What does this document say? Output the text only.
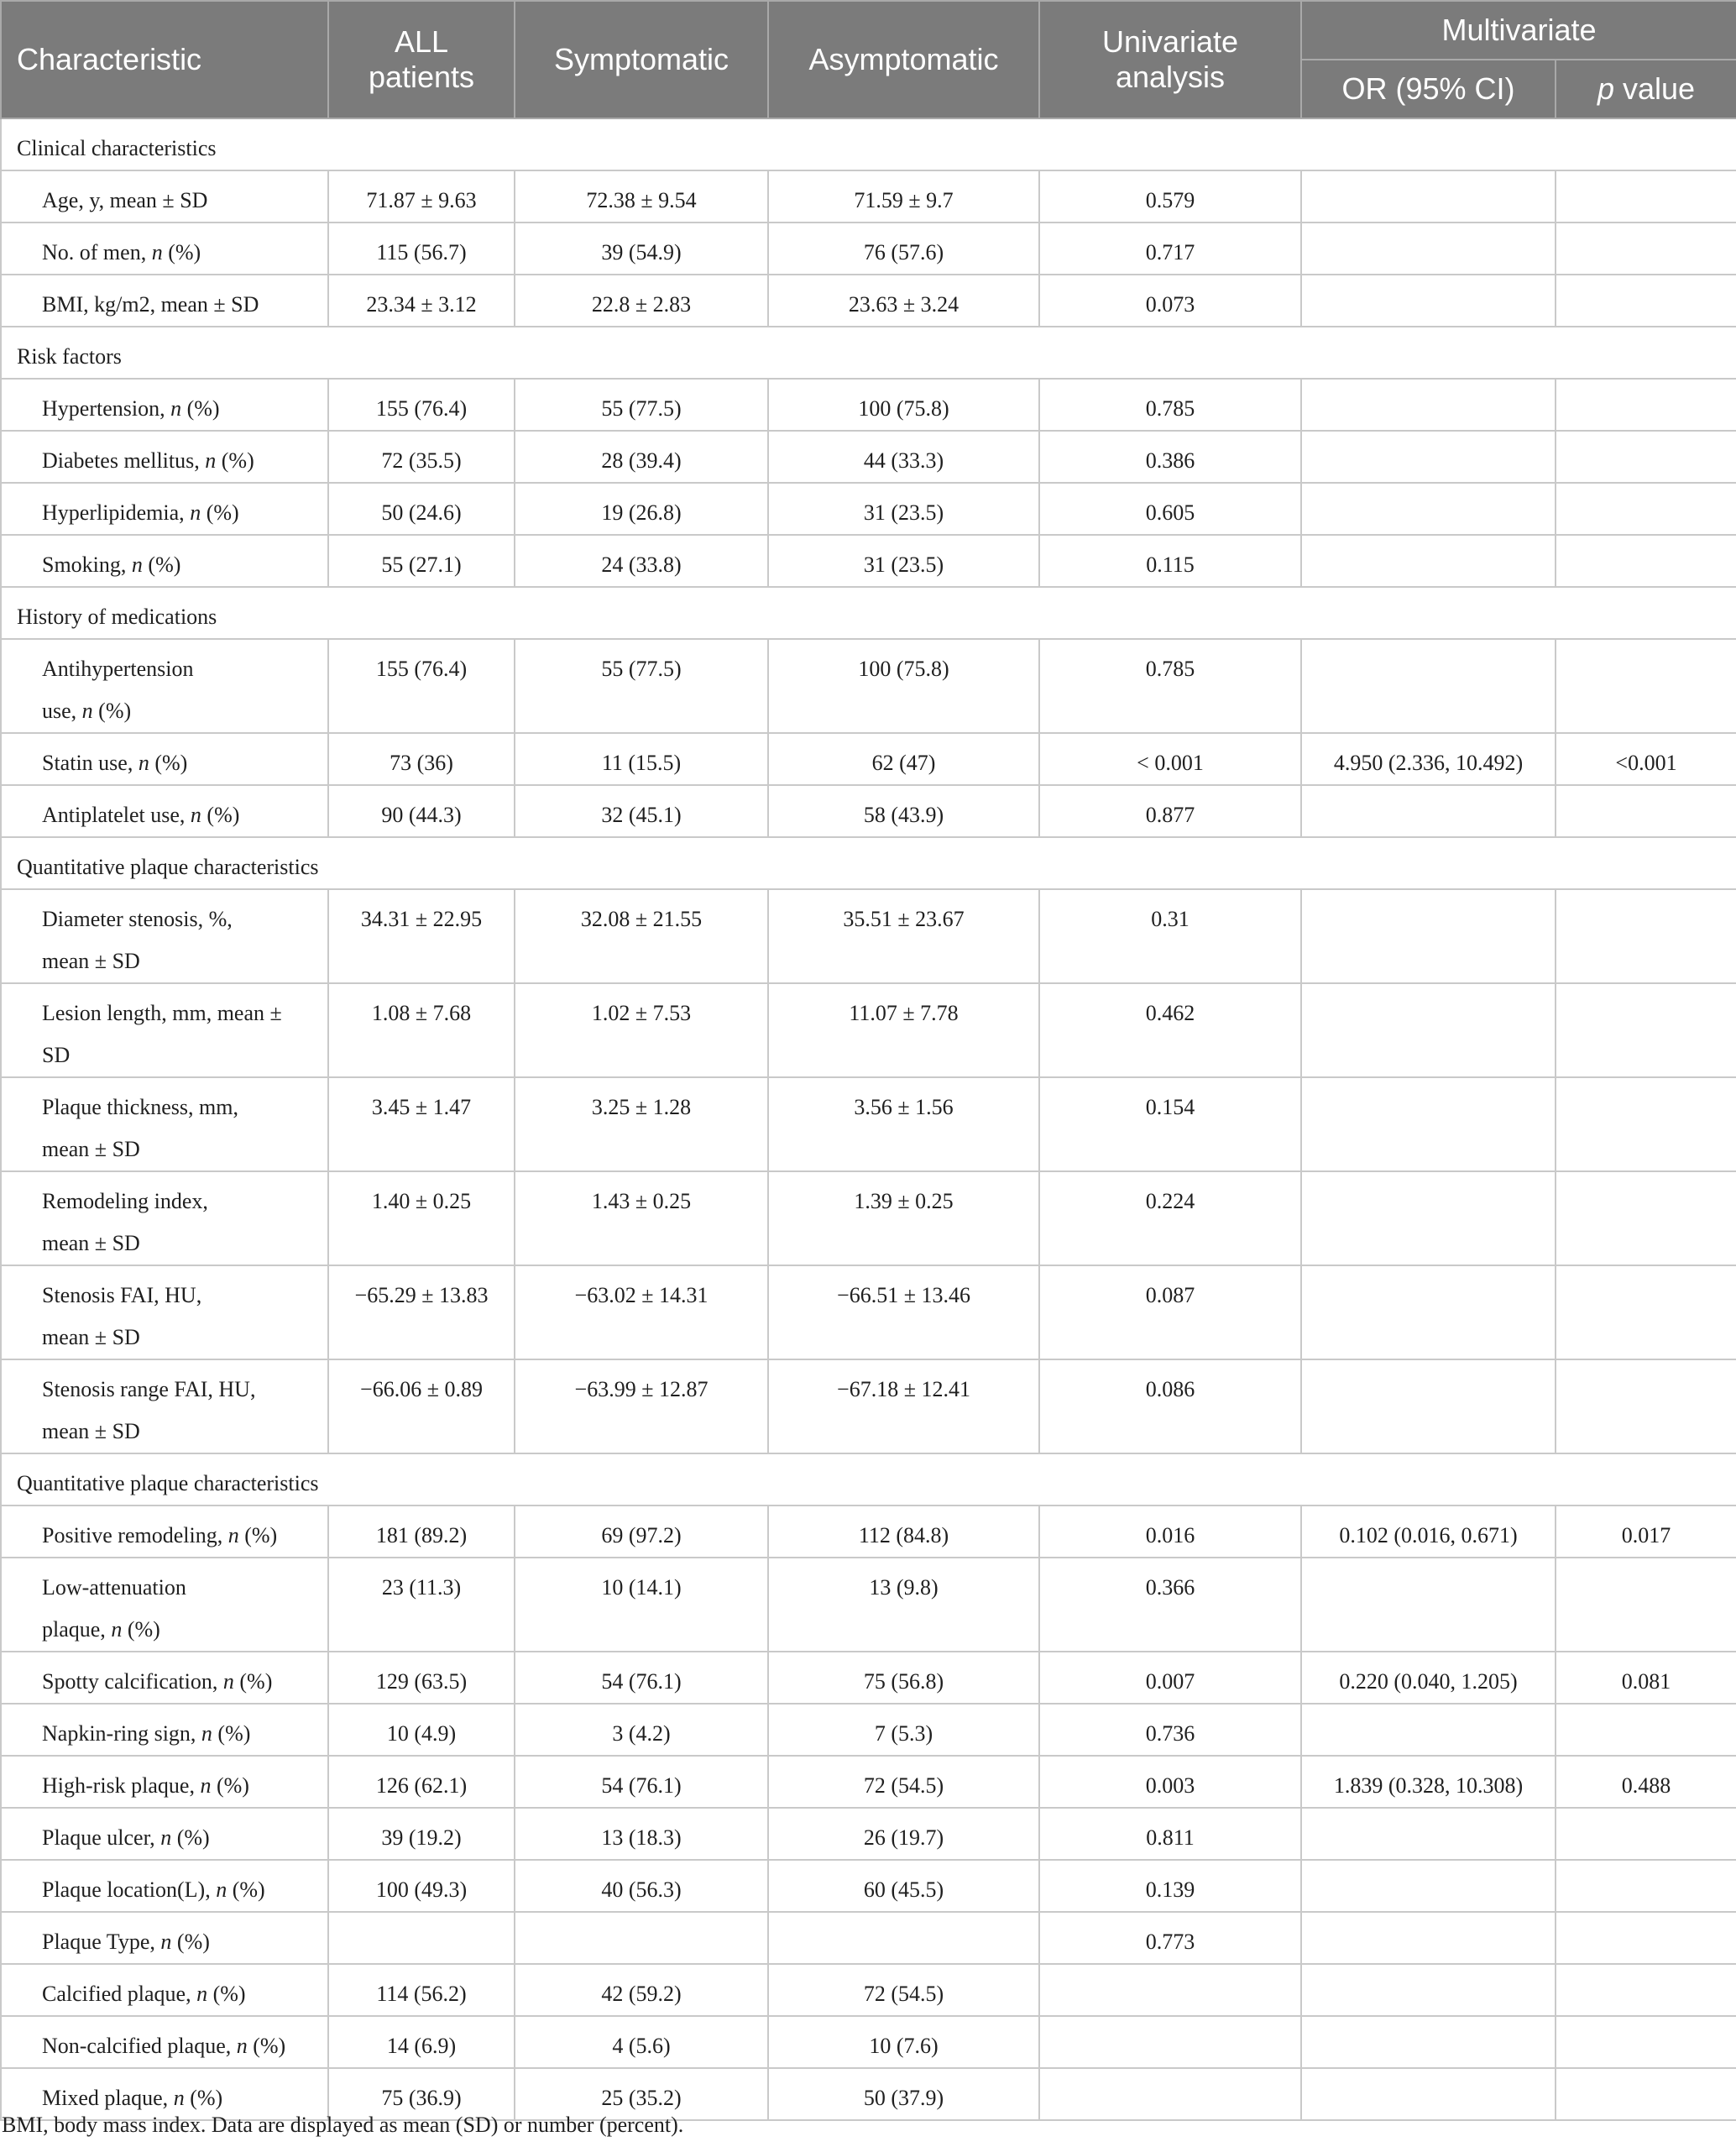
Characteristic	ALL patients	Symptomatic	Asymptomatic	Univariate analysis	Multivariate	
					OR (95% CI)	p value
Clinical characteristics						
Age, y, mean ± SD	71.87 ± 9.63	72.38 ± 9.54	71.59 ± 9.7	0.579		
No. of men, n (%)	115 (56.7)	39 (54.9)	76 (57.6)	0.717		
BMI, kg/m2, mean ± SD	23.34 ± 3.12	22.8 ± 2.83	23.63 ± 3.24	0.073		
Risk factors						
Hypertension, n (%)	155 (76.4)	55 (77.5)	100 (75.8)	0.785		
Diabetes mellitus, n (%)	72 (35.5)	28 (39.4)	44 (33.3)	0.386		
Hyperlipidemia, n (%)	50 (24.6)	19 (26.8)	31 (23.5)	0.605		
Smoking, n (%)	55 (27.1)	24 (33.8)	31 (23.5)	0.115		
History of medications						

Antihypertension
use, n (%)	155 (76.4)	55 (77.5)	100 (75.8)	0.785		
Statin use, n (%)	73 (36)	11 (15.5)	62 (47)	< 0.001	4.950 (2.336, 10.492)	<0.001
Antiplatelet use, n (%)	90 (44.3)	32 (45.1)	58 (43.9)	0.877		
Quantitative plaque characteristics						

Diameter stenosis, %,
mean ± SD	34.31 ± 22.95	32.08 ± 21.55	35.51 ± 23.67	0.31		

Lesion length, mm, mean ±
SD	1.08 ± 7.68	1.02 ± 7.53	11.07 ± 7.78	0.462		

Plaque thickness, mm,
mean ± SD	3.45 ± 1.47	3.25 ± 1.28	3.56 ± 1.56	0.154		

Remodeling index,
mean ± SD	1.40 ± 0.25	1.43 ± 0.25	1.39 ± 0.25	0.224		

Stenosis FAI, HU,
mean ± SD	−65.29 ± 13.83	−63.02 ± 14.31	−66.51 ± 13.46	0.087		

Stenosis range FAI, HU,
mean ± SD	−66.06 ± 0.89	−63.99 ± 12.87	−67.18 ± 12.41	0.086		
Quantitative plaque characteristics						
Positive remodeling, n (%)	181 (89.2)	69 (97.2)	112 (84.8)	0.016	0.102 (0.016, 0.671)	0.017

Low-attenuation
plaque, n (%)	23 (11.3)	10 (14.1)	13 (9.8)	0.366		
Spotty calcification, n (%)	129 (63.5)	54 (76.1)	75 (56.8)	0.007	0.220 (0.040, 1.205)	0.081
Napkin-ring sign, n (%)	10 (4.9)	3 (4.2)	7 (5.3)	0.736		
High-risk plaque, n (%)	126 (62.1)	54 (76.1)	72 (54.5)	0.003	1.839 (0.328, 10.308)	0.488
Plaque ulcer, n (%)	39 (19.2)	13 (18.3)	26 (19.7)	0.811		
Plaque location(L), n (%)	100 (49.3)	40 (56.3)	60 (45.5)	0.139		
Plaque Type, n (%)				0.773		
Calcified plaque, n (%)	114 (56.2)	42 (59.2)	72 (54.5)			
Non-calcified plaque, n (%)	14 (6.9)	4 (5.6)	10 (7.6)			
Mixed plaque, n (%)	75 (36.9)	25 (35.2)	50 (37.9)			
BMI, body mass index. Data are displayed as mean (SD) or number (percent).
